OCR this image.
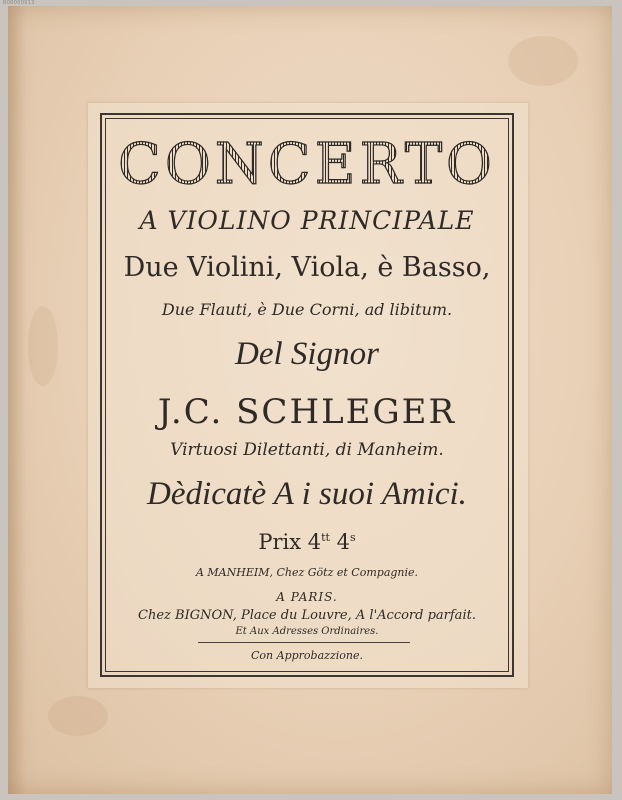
R00000913
CONCERTO
A VIOLINO PRINCIPALE
Due Violini, Viola, è Basso,
Due Flauti, è Due Corni, ad libitum.
Del Signor
J.C. SCHLEGER
Virtuosi Dilettanti, di Manheim.
Dèdicatè A i suoi Amici.
Prix $4^{tt}$ 4$^s$
A MANHEIM, Chez Götz et Compagnie.
A PARIS.
Chez BIGNON, Place du Louvre, A l'Accord parfait.
Et Aux Adresses Ordinaires.
Con Approbazzione.
